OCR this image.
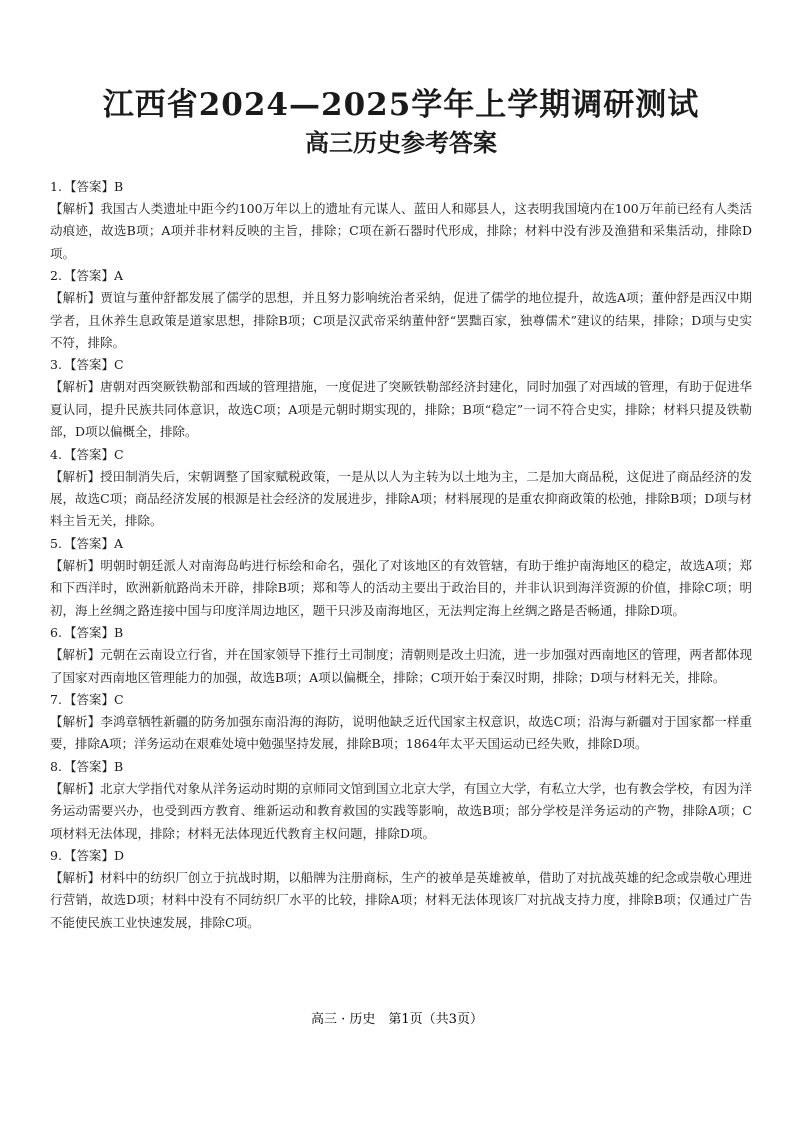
江西省2024—2025学年上学期调研测试
高三历史参考答案

1. 【答案】B

【解析】我国古人类遗址中距今约100万年以上的遗址有元谋人、蓝田人和郧县人，这表明我国境内在100万年前已经有人类活动痕迹，故选B项；A项并非材料反映的主旨，排除；C项在新石器时代形成，排除；材料中没有涉及渔猎和采集活动，排除D项。

2. 【答案】A

【解析】贾谊与董仲舒都发展了儒学的思想，并且努力影响统治者采纳，促进了儒学的地位提升，故选A项；董仲舒是西汉中期学者，且休养生息政策是道家思想，排除B项；C项是汉武帝采纳董仲舒“罢黜百家，独尊儒术”建议的结果，排除；D项与史实不符，排除。

3. 【答案】C

【解析】唐朝对西突厥铁勒部和西域的管理措施，一度促进了突厥铁勒部经济封建化，同时加强了对西域的管理，有助于促进华夏认同，提升民族共同体意识，故选C项；A项是元朝时期实现的，排除；B项“稳定”一词不符合史实，排除；材料只提及铁勒部，D项以偏概全，排除。

4. 【答案】C

【解析】授田制消失后，宋朝调整了国家赋税政策，一是从以人为主转为以土地为主，二是加大商品税，这促进了商品经济的发展，故选C项；商品经济发展的根源是社会经济的发展进步，排除A项；材料展现的是重农抑商政策的松弛，排除B项；D项与材料主旨无关，排除。

5. 【答案】A

【解析】明朝时朝廷派人对南海岛屿进行标绘和命名，强化了对该地区的有效管辖，有助于维护南海地区的稳定，故选A项；郑和下西洋时，欧洲新航路尚未开辟，排除B项；郑和等人的活动主要出于政治目的，并非认识到海洋资源的价值，排除C项；明初，海上丝绸之路连接中国与印度洋周边地区，题干只涉及南海地区，无法判定海上丝绸之路是否畅通，排除D项。

6. 【答案】B

【解析】元朝在云南设立行省，并在国家领导下推行土司制度；清朝则是改土归流，进一步加强对西南地区的管理，两者都体现了国家对西南地区管理能力的加强，故选B项；A项以偏概全，排除；C项开始于秦汉时期，排除；D项与材料无关，排除。

7. 【答案】C

【解析】李鸿章牺牲新疆的防务加强东南沿海的海防，说明他缺乏近代国家主权意识，故选C项；沿海与新疆对于国家都一样重要，排除A项；洋务运动在艰难处境中勉强坚持发展，排除B项；1864年太平天国运动已经失败，排除D项。

8. 【答案】B

【解析】北京大学指代对象从洋务运动时期的京师同文馆到国立北京大学，有国立大学，有私立大学，也有教会学校，有因为洋务运动需要兴办，也受到西方教育、维新运动和教育救国的实践等影响，故选B项；部分学校是洋务运动的产物，排除A项；C项材料无法体现，排除；材料无法体现近代教育主权问题，排除D项。

9. 【答案】D

【解析】材料中的纺织厂创立于抗战时期，以船牌为注册商标，生产的被单是英雄被单，借助了对抗战英雄的纪念或崇敬心理进行营销，故选D项；材料中没有不同纺织厂水平的比较，排除A项；材料无法体现该厂对抗战支持力度，排除B项；仅通过广告不能使民族工业快速发展，排除C项。

高三 · 历史　第1页（共3页）
